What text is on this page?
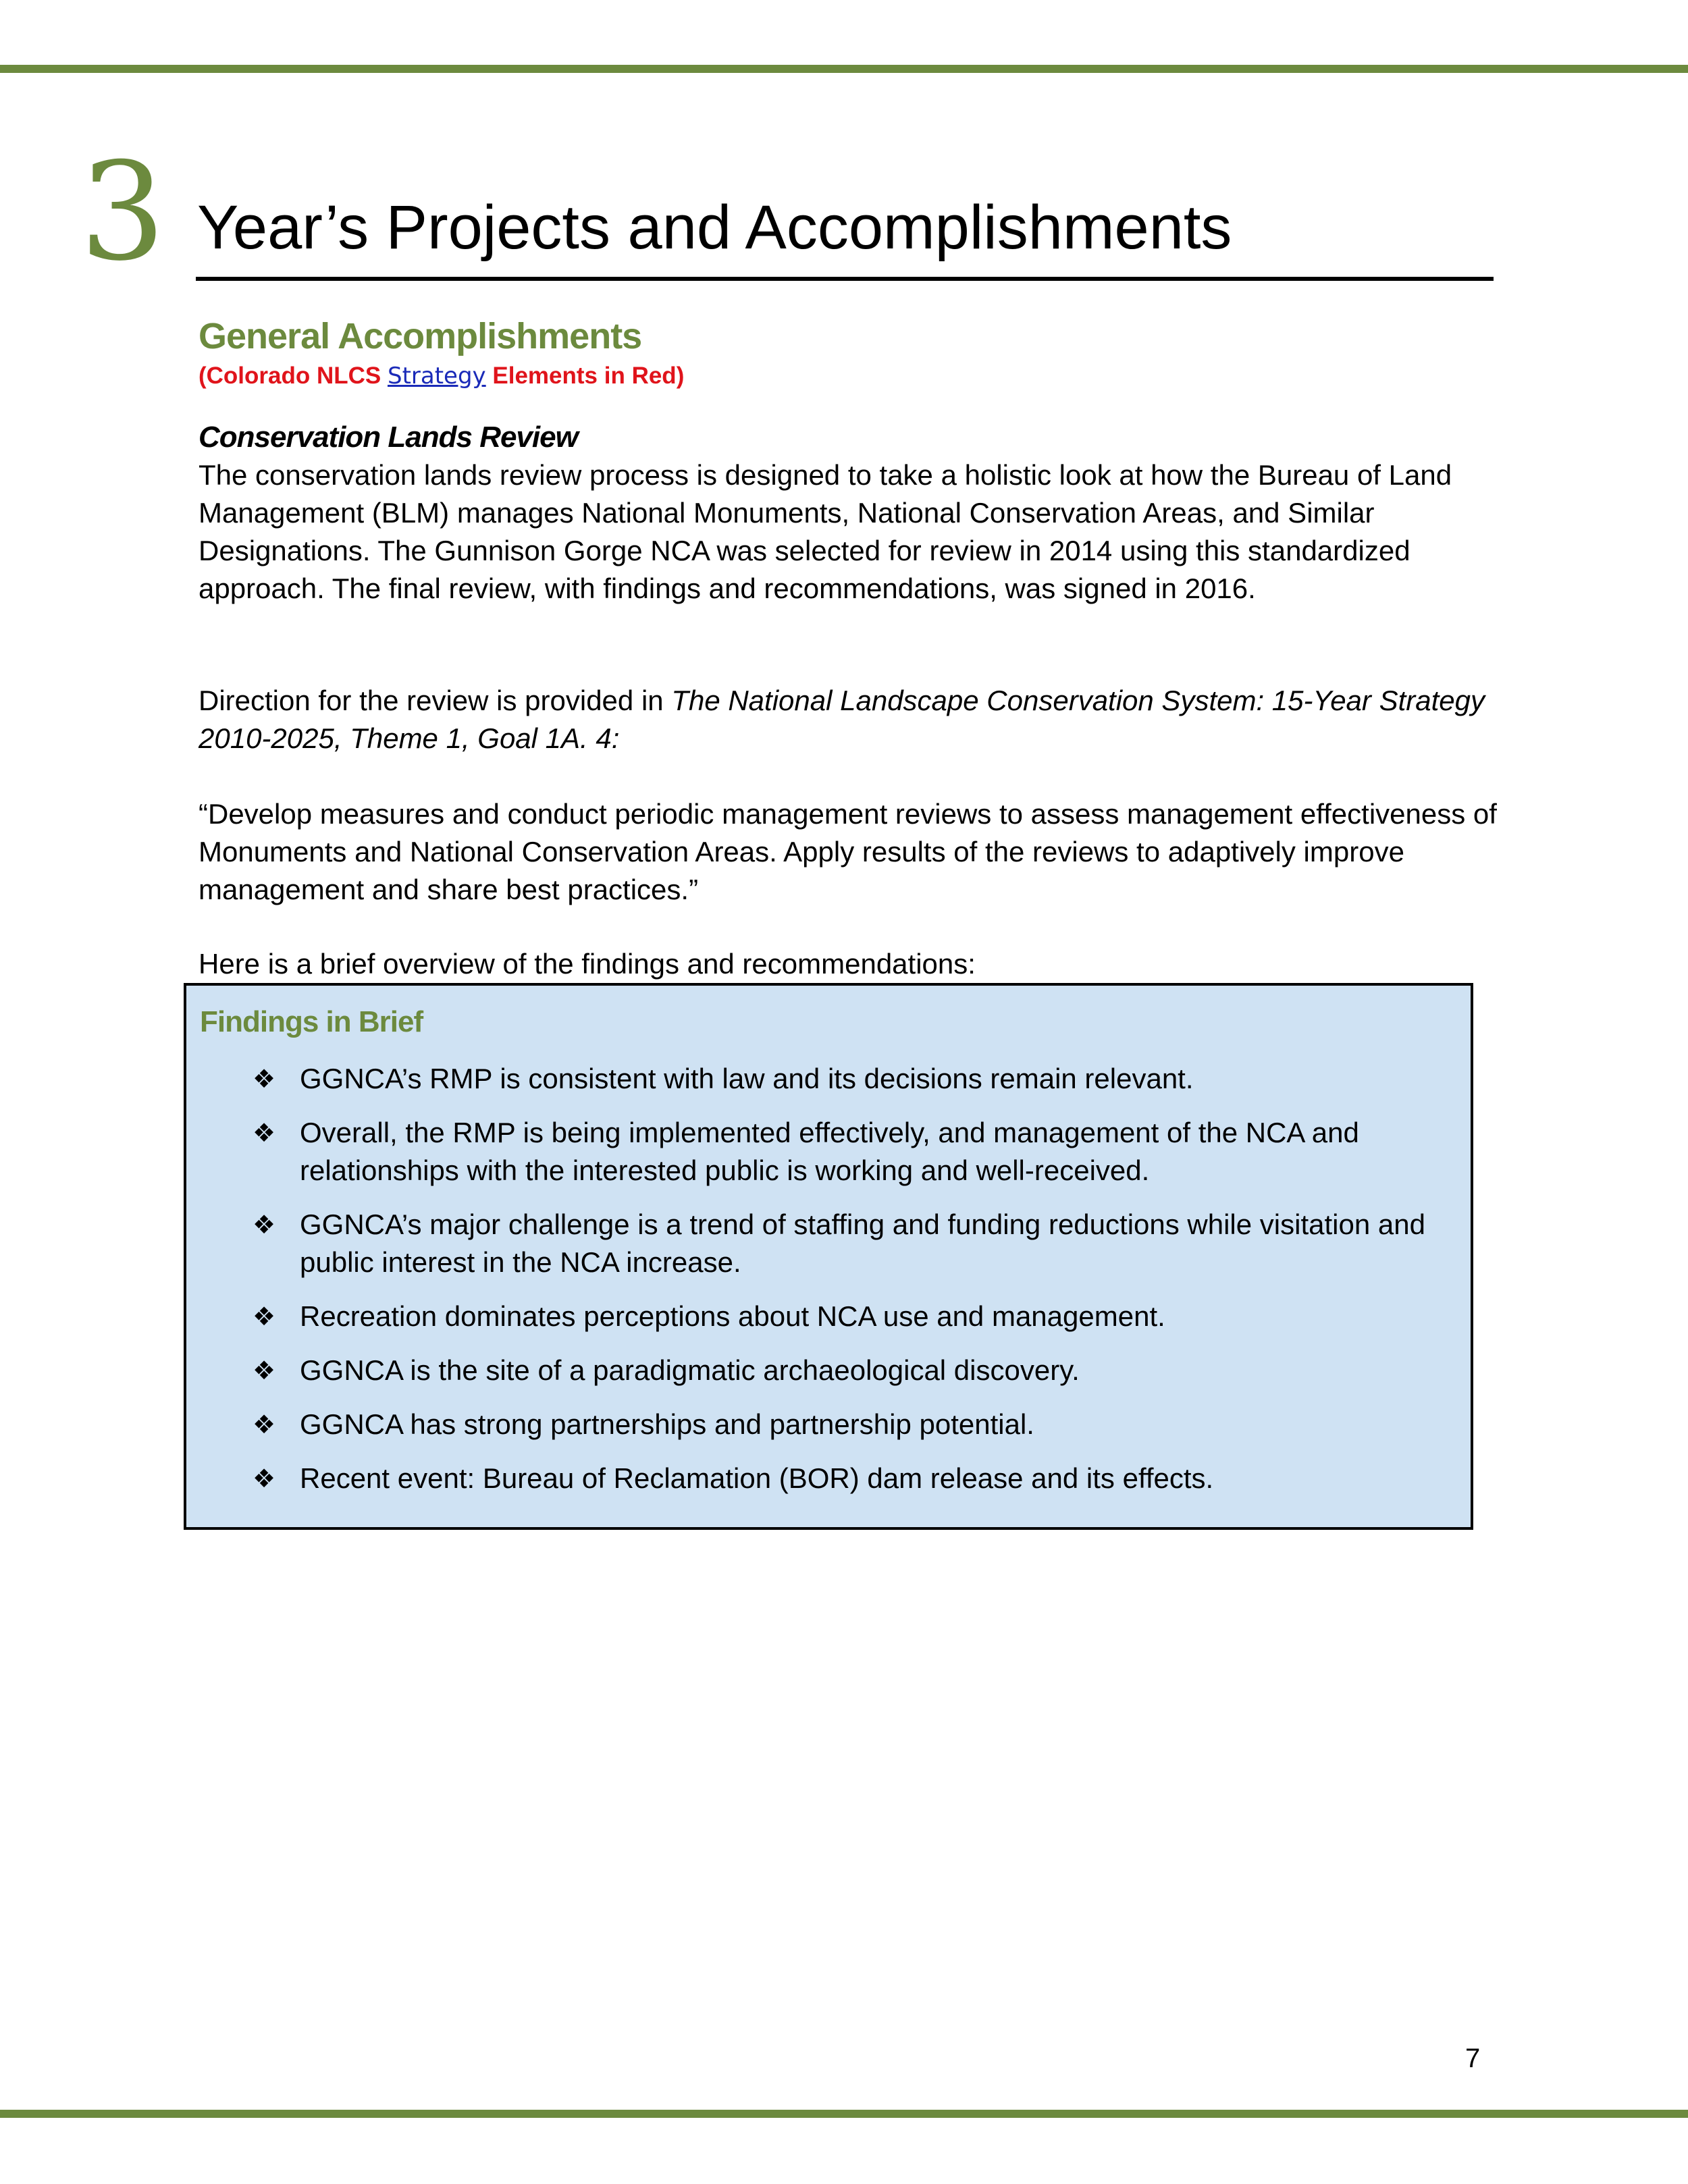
3 Year’s Projects and Accomplishments
General Accomplishments
(Colorado NLCS Strategy Elements in Red)
Conservation Lands Review
The conservation lands review process is designed to take a holistic look at how the Bureau of Land Management (BLM) manages National Monuments, National Conservation Areas, and Similar Designations. The Gunnison Gorge NCA was selected for review in 2014 using this standardized approach. The final review, with findings and recommendations, was signed in 2016.
Direction for the review is provided in The National Landscape Conservation System: 15-Year Strategy 2010-2025, Theme 1, Goal 1A. 4:
“Develop measures and conduct periodic management reviews to assess management effectiveness of Monuments and National Conservation Areas. Apply results of the reviews to adaptively improve management and share best practices.”
Here is a brief overview of the findings and recommendations:
Findings in Brief
❖ GGNCA’s RMP is consistent with law and its decisions remain relevant.
❖ Overall, the RMP is being implemented effectively, and management of the NCA and relationships with the interested public is working and well-received.
❖ GGNCA’s major challenge is a trend of staffing and funding reductions while visitation and public interest in the NCA increase.
❖ Recreation dominates perceptions about NCA use and management.
❖ GGNCA is the site of a paradigmatic archaeological discovery.
❖ GGNCA has strong partnerships and partnership potential.
❖ Recent event: Bureau of Reclamation (BOR) dam release and its effects.
7
